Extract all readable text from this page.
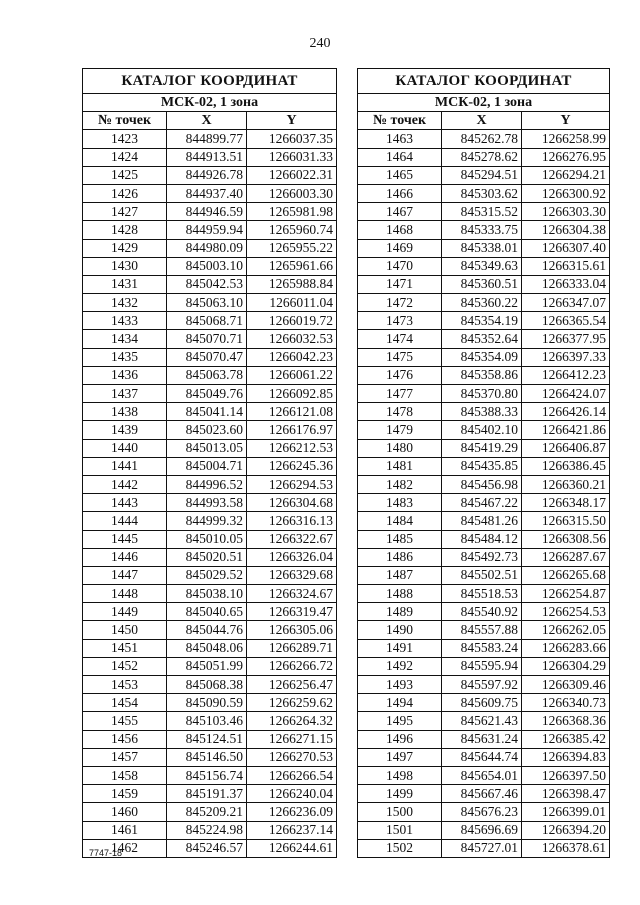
240
КАТАЛОГ КООРДИНАТ		
МСК-02, 1 зона		
№ точек	X	Y
1423	844899.77	1266037.35
1424	844913.51	1266031.33
1425	844926.78	1266022.31
1426	844937.40	1266003.30
1427	844946.59	1265981.98
1428	844959.94	1265960.74
1429	844980.09	1265955.22
1430	845003.10	1265961.66
1431	845042.53	1265988.84
1432	845063.10	1266011.04
1433	845068.71	1266019.72
1434	845070.71	1266032.53
1435	845070.47	1266042.23
1436	845063.78	1266061.22
1437	845049.76	1266092.85
1438	845041.14	1266121.08
1439	845023.60	1266176.97
1440	845013.05	1266212.53
1441	845004.71	1266245.36
1442	844996.52	1266294.53
1443	844993.58	1266304.68
1444	844999.32	1266316.13
1445	845010.05	1266322.67
1446	845020.51	1266326.04
1447	845029.52	1266329.68
1448	845038.10	1266324.67
1449	845040.65	1266319.47
1450	845044.76	1266305.06
1451	845048.06	1266289.71
1452	845051.99	1266266.72
1453	845068.38	1266256.47
1454	845090.59	1266259.62
1455	845103.46	1266264.32
1456	845124.51	1266271.15
1457	845146.50	1266270.53
1458	845156.74	1266266.54
1459	845191.37	1266240.04
1460	845209.21	1266236.09
1461	845224.98	1266237.14
1462	845246.57	1266244.61
КАТАЛОГ КООРДИНАТ		
МСК-02, 1 зона		
№ точек	X	Y
1463	845262.78	1266258.99
1464	845278.62	1266276.95
1465	845294.51	1266294.21
1466	845303.62	1266300.92
1467	845315.52	1266303.30
1468	845333.75	1266304.38
1469	845338.01	1266307.40
1470	845349.63	1266315.61
1471	845360.51	1266333.04
1472	845360.22	1266347.07
1473	845354.19	1266365.54
1474	845352.64	1266377.95
1475	845354.09	1266397.33
1476	845358.86	1266412.23
1477	845370.80	1266424.07
1478	845388.33	1266426.14
1479	845402.10	1266421.86
1480	845419.29	1266406.87
1481	845435.85	1266386.45
1482	845456.98	1266360.21
1483	845467.22	1266348.17
1484	845481.26	1266315.50
1485	845484.12	1266308.56
1486	845492.73	1266287.67
1487	845502.51	1266265.68
1488	845518.53	1266254.87
1489	845540.92	1266254.53
1490	845557.88	1266262.05
1491	845583.24	1266283.66
1492	845595.94	1266304.29
1493	845597.92	1266309.46
1494	845609.75	1266340.73
1495	845621.43	1266368.36
1496	845631.24	1266385.42
1497	845644.74	1266394.83
1498	845654.01	1266397.50
1499	845667.46	1266398.47
1500	845676.23	1266399.01
1501	845696.69	1266394.20
1502	845727.01	1266378.61
7747-18
